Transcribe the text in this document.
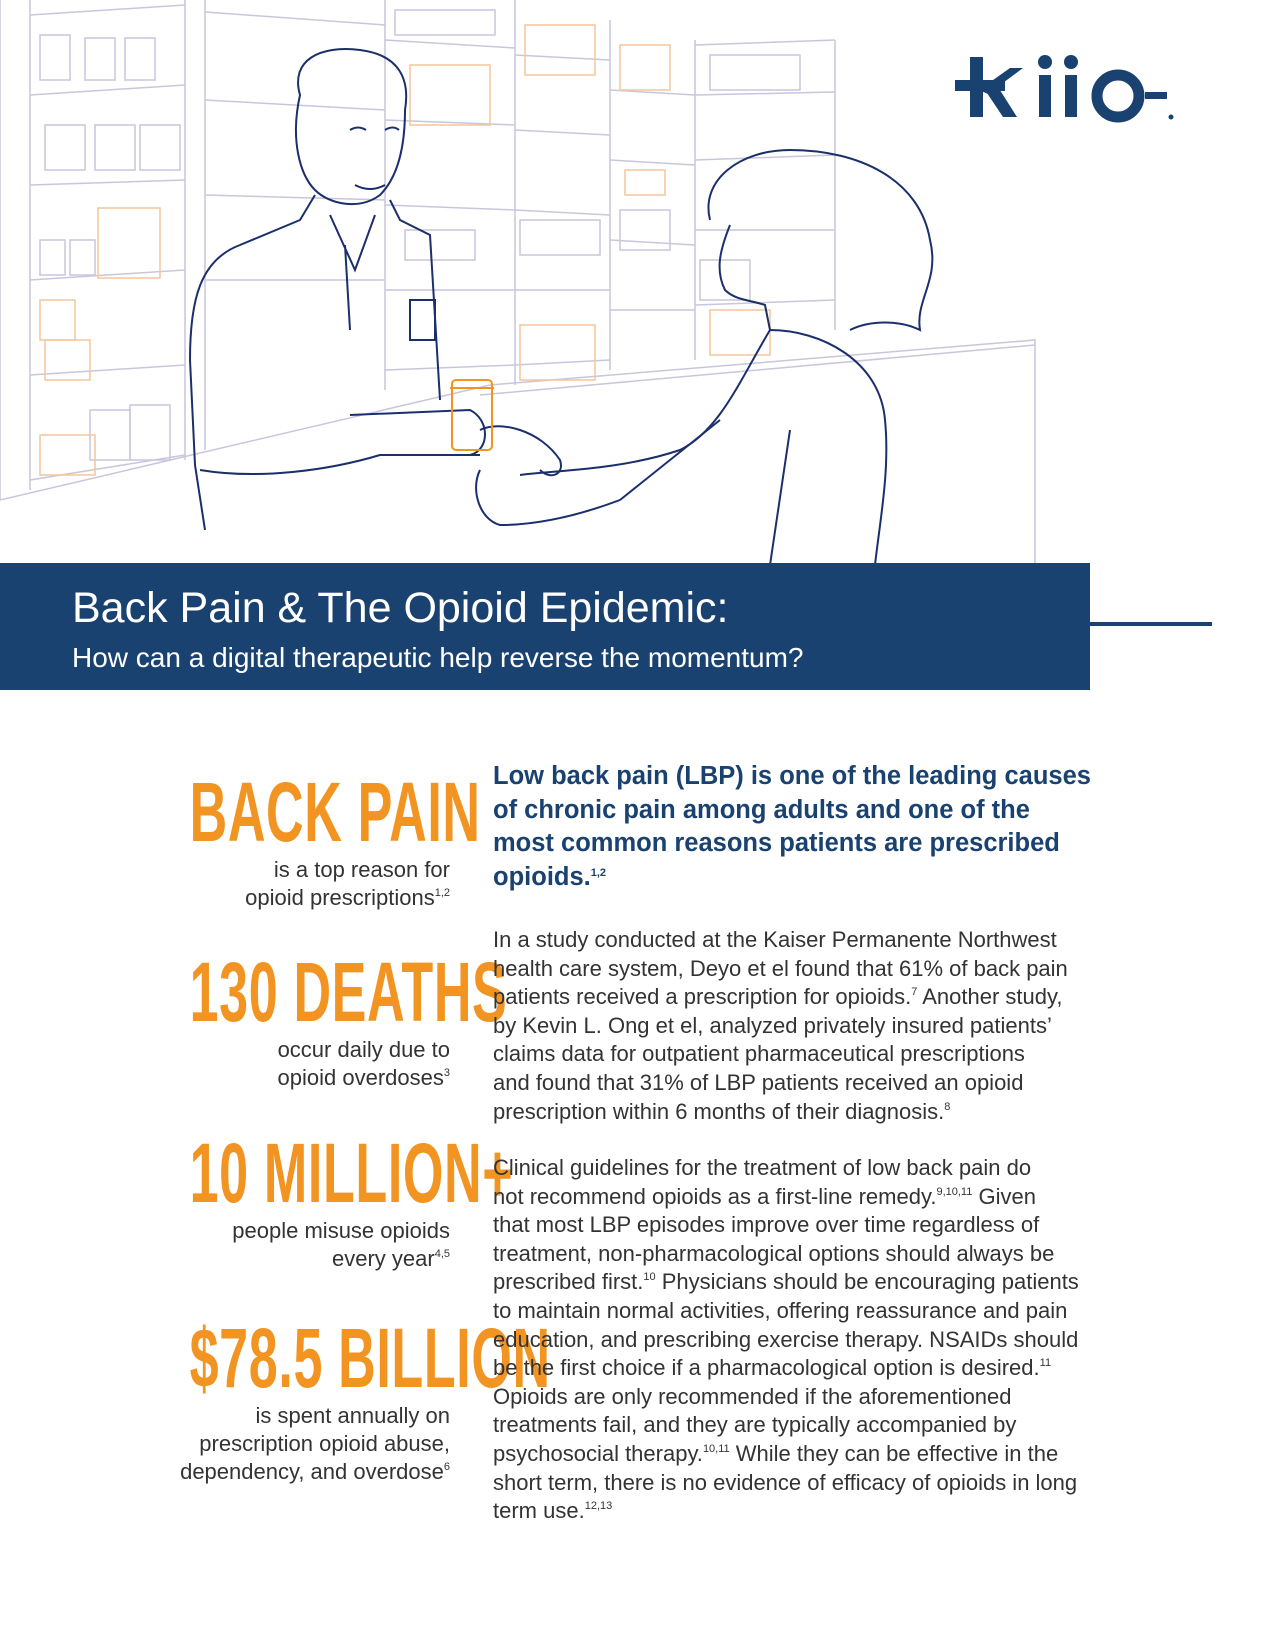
Back Pain & The Opioid Epidemic:
How can a digital therapeutic help reverse the momentum?
BACK PAIN
is a top reason for
opioid prescriptions$^{1,2}$
130 DEATHS
occur daily due to
opioid overdoses$^3$
10 MILLION+
people misuse opioids
every year$^{4,5}$
$78.5 BILLION
is spent annually on
prescription opioid abuse,
dependency, and overdose$^6$
Low back pain (LBP) is one of the leading causes
of chronic pain among adults and one of the
most common reasons patients are prescribed
opioids.$^{1,2}$
In a study conducted at the Kaiser Permanente Northwest
health care system, Deyo et el found that 61% of back pain
patients received a prescription for opioids.$^7$ Another study,
by Kevin L. Ong et el, analyzed privately insured patients’
claims data for outpatient pharmaceutical prescriptions
and found that 31% of LBP patients received an opioid
prescription within 6 months of their diagnosis.$^8$
Clinical guidelines for the treatment of low back pain do
not recommend opioids as a first-line remedy.$^{9,10,11}$ Given
that most LBP episodes improve over time regardless of
treatment, non-pharmacological options should always be
prescribed first.$^{10}$ Physicians should be encouraging patients
to maintain normal activities, offering reassurance and pain
education, and prescribing exercise therapy. NSAIDs should
be the first choice if a pharmacological option is desired.$^{11}$
Opioids are only recommended if the aforementioned
treatments fail, and they are typically accompanied by
psychosocial therapy.$^{10,11}$ While they can be effective in the
short term, there is no evidence of efficacy of opioids in long
term use.$^{12,13}$
